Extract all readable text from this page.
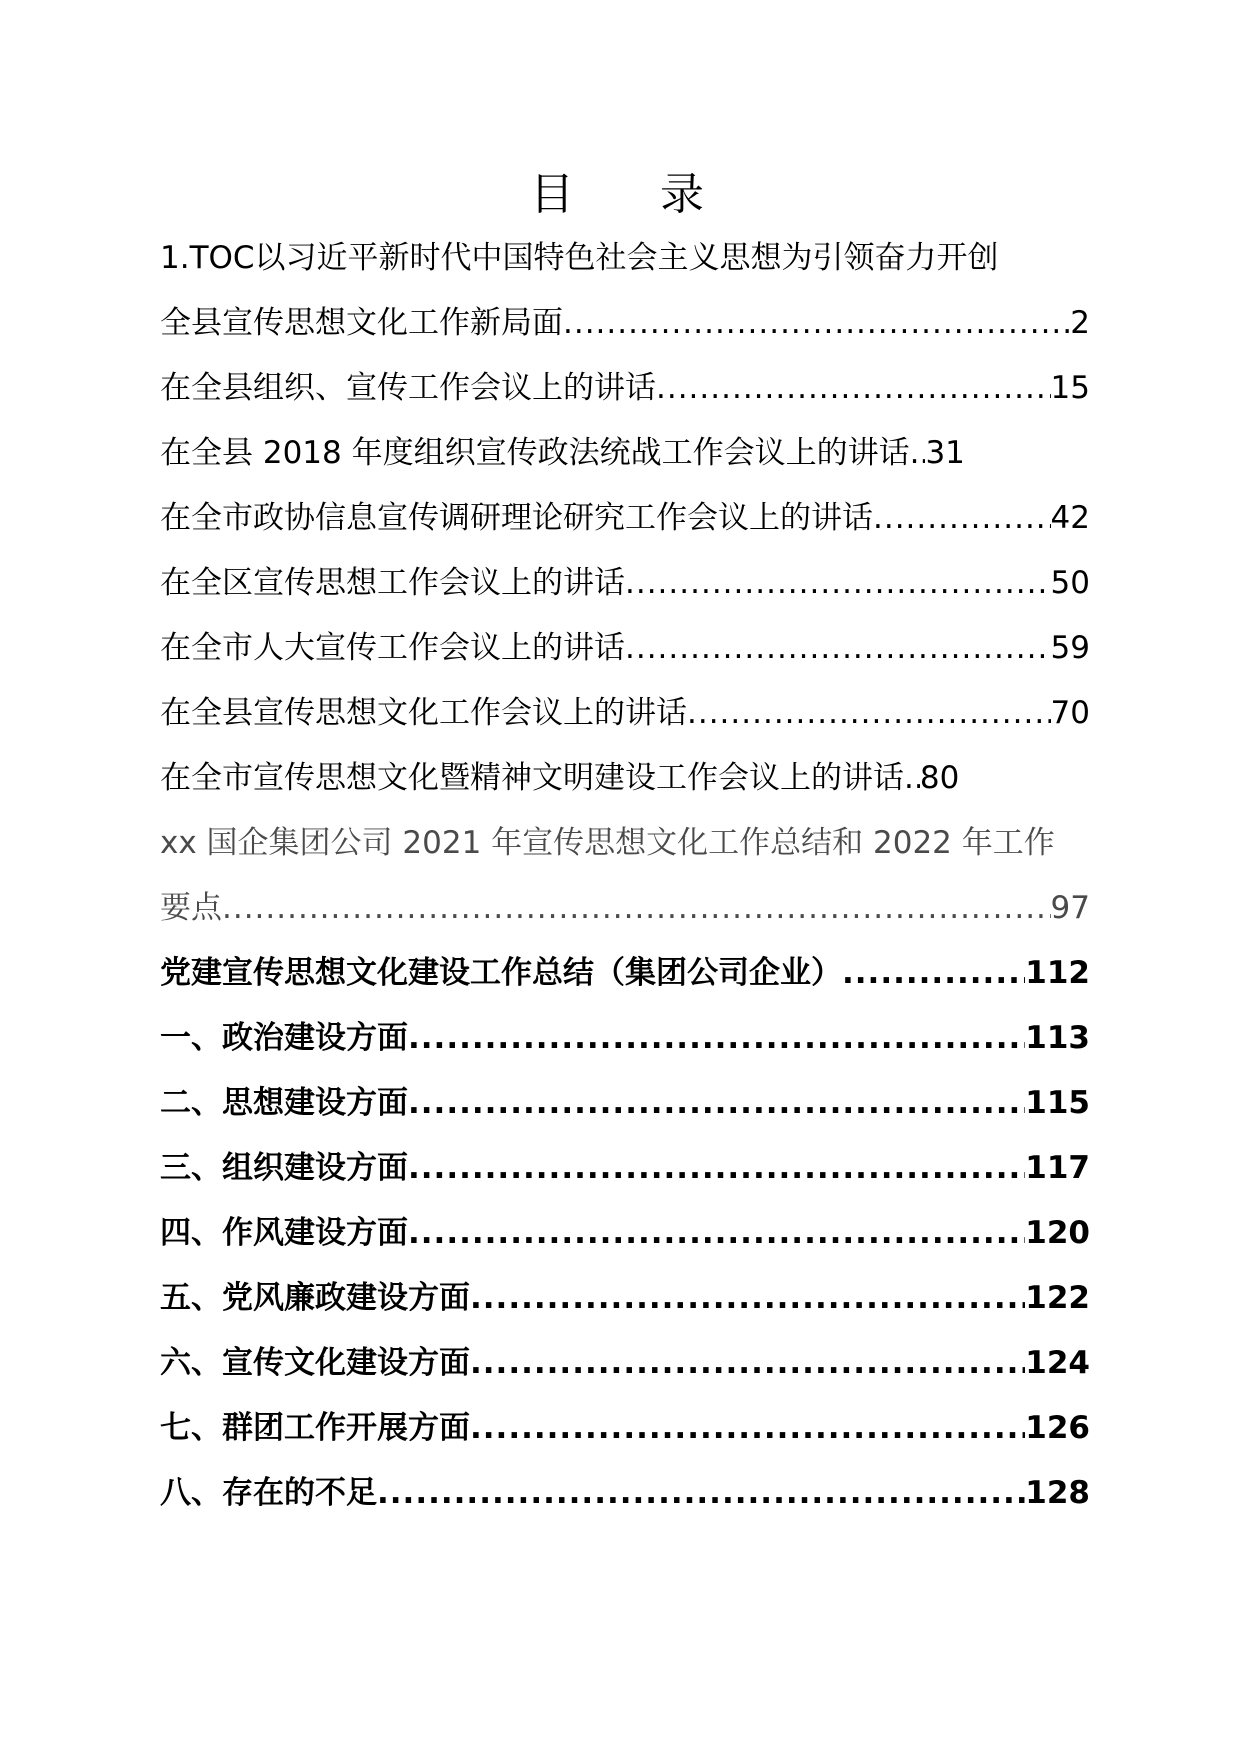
目 录
1.TOC以习近平新时代中国特色社会主义思想为引领奋力开创
全县宣传思想文化工作新局面 .....	2
在全县组织、宣传工作会议上的讲话 .....	15
在全县 2018 年度组织宣传政法统战工作会议上的讲话. ..... 31
在全市政协信息宣传调研理论研究工作会议上的讲话 .....	42
在全区宣传思想工作会议上的讲话 .....	50
在全市人大宣传工作会议上的讲话 .....	59
在全县宣传思想文化工作会议上的讲话 .....	70
在全市宣传思想文化暨精神文明建设工作会议上的讲话. ..... 80
xx 国企集团公司 2021 年宣传思想文化工作总结和 2022 年工作
要点 .....	97
党建宣传思想文化建设工作总结（集团公司企业） .....	112
一、政治建设方面 .....	113
二、思想建设方面 .....	115
三、组织建设方面 .....	117
四、作风建设方面 .....	120
五、党风廉政建设方面 .....	122
六、宣传文化建设方面 .....	124
七、群团工作开展方面 .....	126
八、存在的不足 .....	128
